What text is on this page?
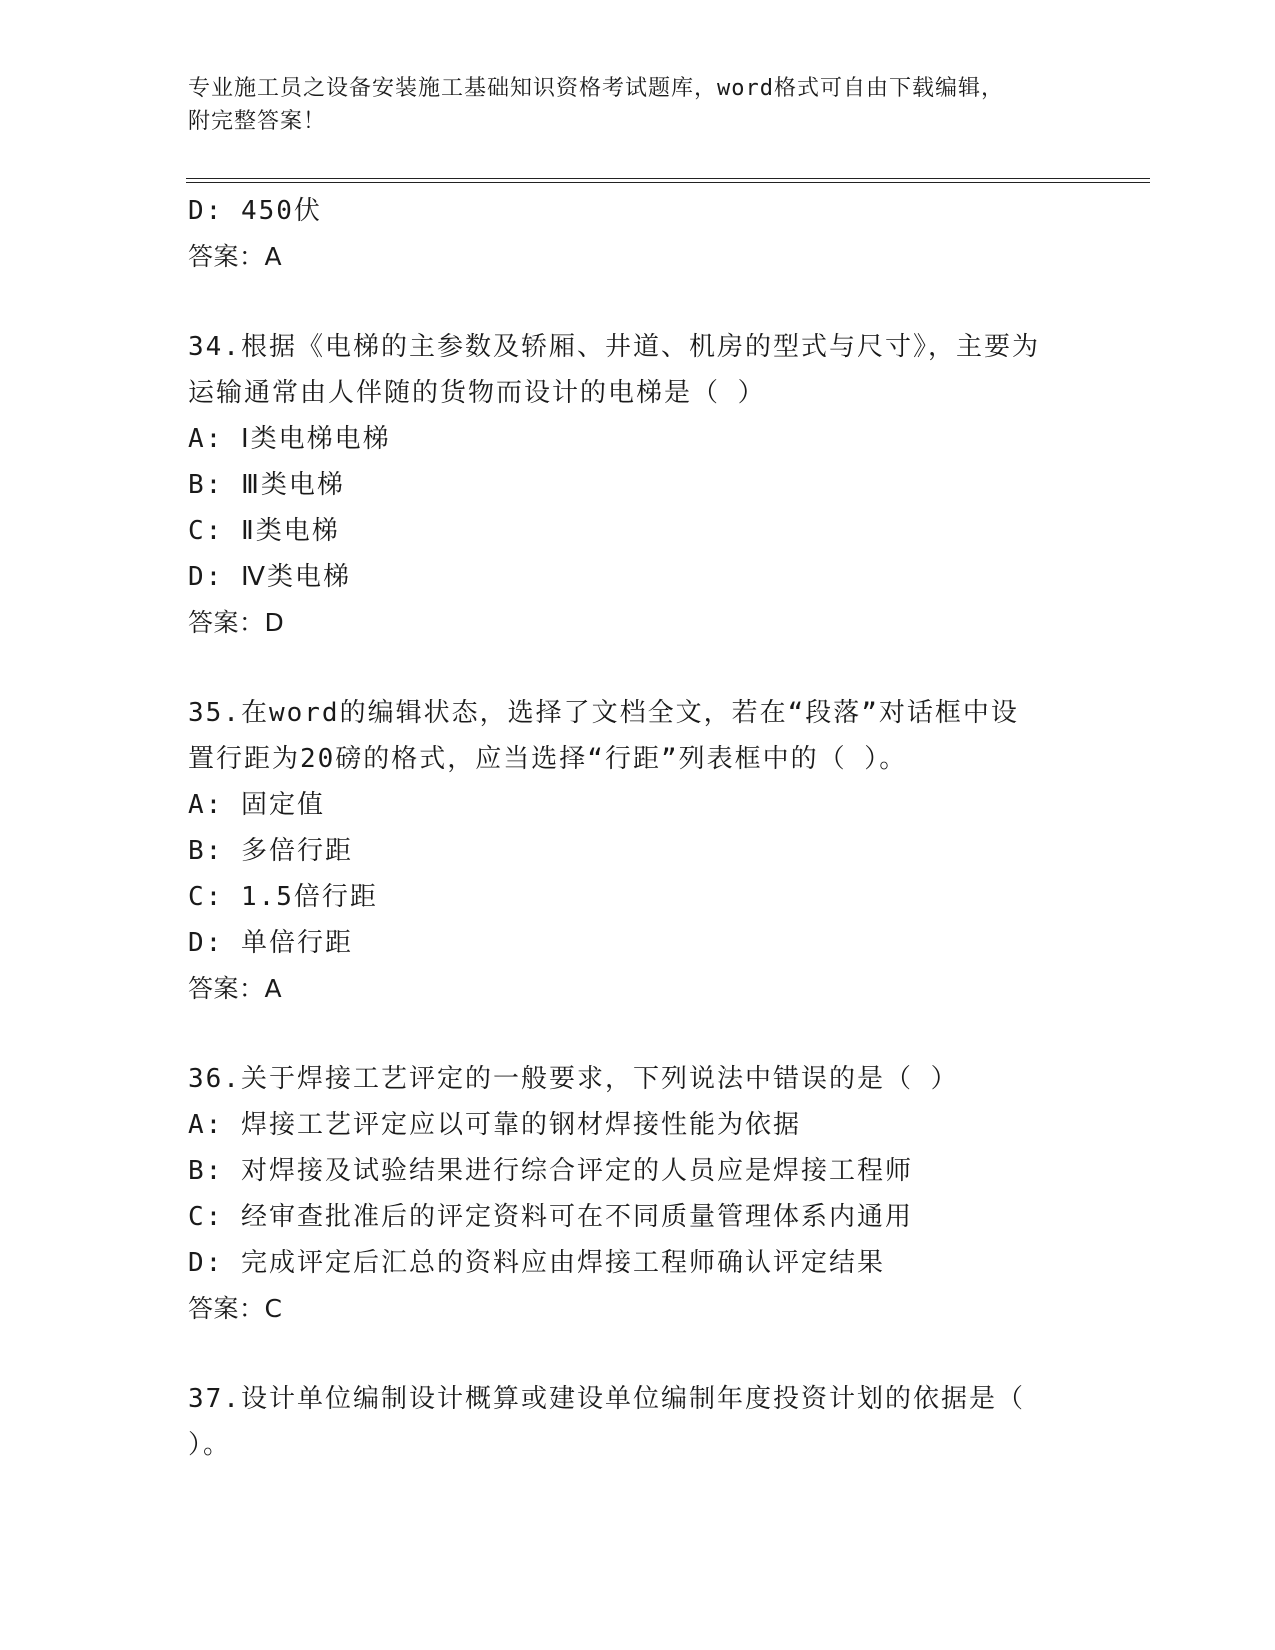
专业施工员之设备安装施工基础知识资格考试题库，word格式可自由下载编辑，
附完整答案！
D: 450伏
答案：A
34.根据《电梯的主参数及轿厢、井道、机房的型式与尺寸》，主要为
运输通常由人伴随的货物而设计的电梯是（ ）
A: Ⅰ类电梯电梯
B: Ⅲ类电梯
C: Ⅱ类电梯
D: Ⅳ类电梯
答案：D
35.在word的编辑状态，选择了文档全文，若在“段落”对话框中设
置行距为20磅的格式，应当选择“行距”列表框中的（ ）。
A: 固定值
B: 多倍行距
C: 1.5倍行距
D: 单倍行距
答案：A
36.关于焊接工艺评定的一般要求，下列说法中错误的是（ ）
A: 焊接工艺评定应以可靠的钢材焊接性能为依据
B: 对焊接及试验结果进行综合评定的人员应是焊接工程师
C: 经审查批准后的评定资料可在不同质量管理体系内通用
D: 完成评定后汇总的资料应由焊接工程师确认评定结果
答案：C
37.设计单位编制设计概算或建设单位编制年度投资计划的依据是（
）。
